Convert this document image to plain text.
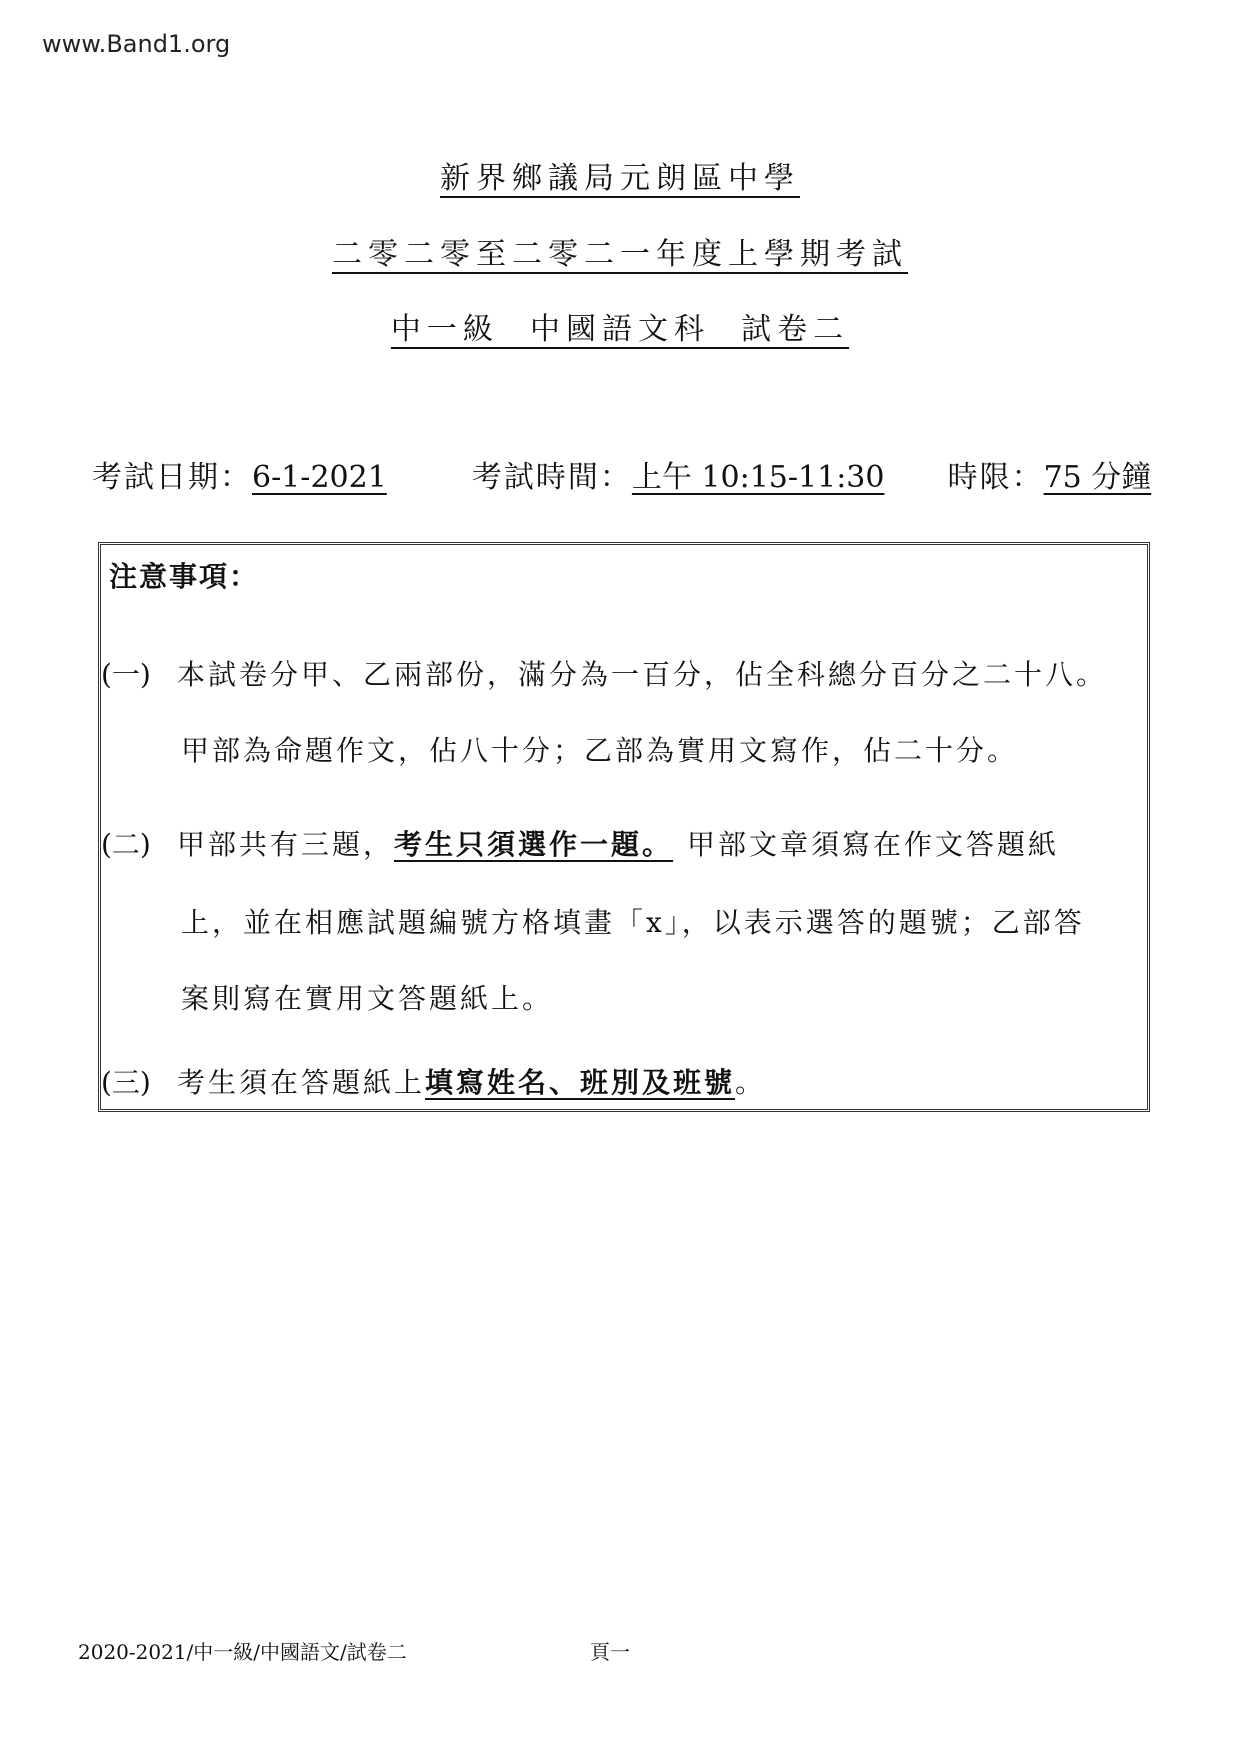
www.Band1.org
新界鄉議局元朗區中學
二零二零至二零二一年度上學期考試
中一級  中國語文科  試卷二
考試日期：6-1-2021	考試時間：上午 10:15-11:30 時限：75 分鐘
注意事項：
(一) 本試卷分甲、乙兩部份，滿分為一百分，佔全科總分百分之二十八。
甲部為命題作文，佔八十分；乙部為實用文寫作，佔二十分。
(二) 甲部共有三題，考生只須選作一題。 甲部文章須寫在作文答題紙
上，並在相應試題編號方格填畫「x」，以表示選答的題號；乙部答
案則寫在實用文答題紙上。
(三) 考生須在答題紙上填寫姓名、班別及班號。
2020-2021/中一級/中國語文/試卷二	頁一
